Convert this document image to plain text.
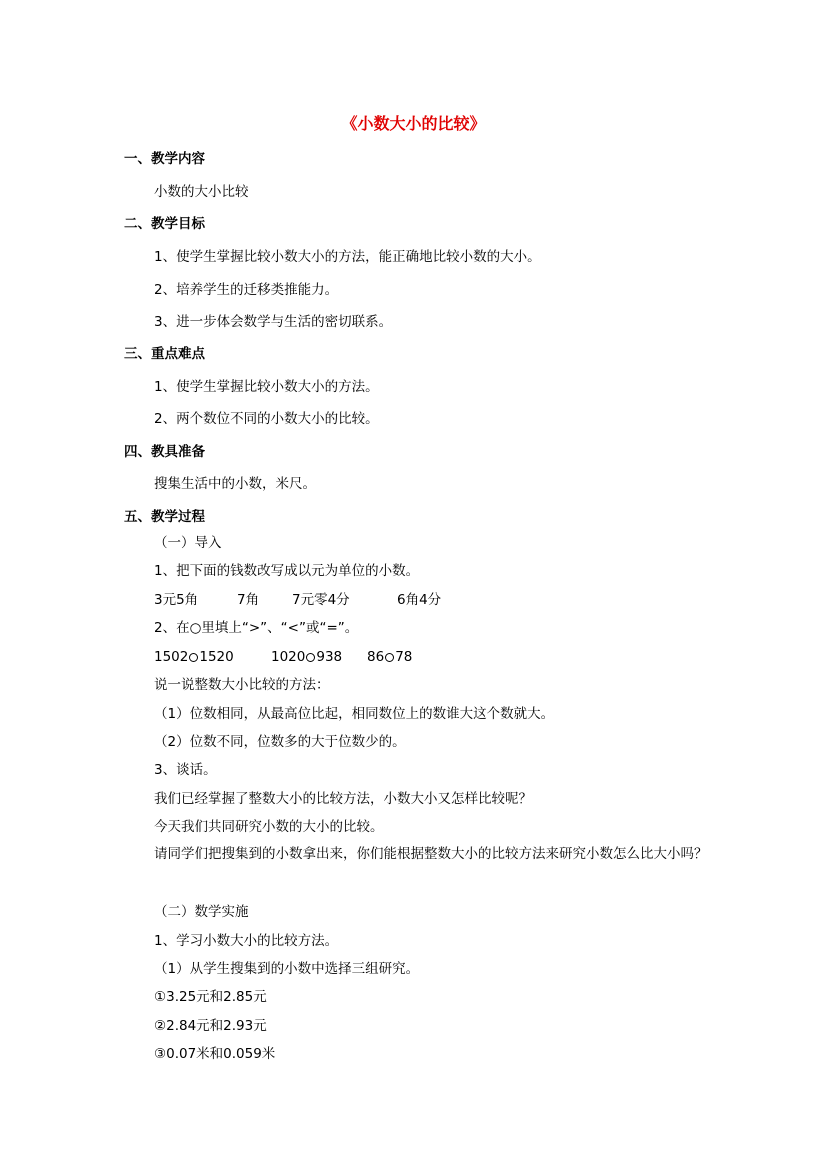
《小数大小的比较》
一、教学内容
小数的大小比较
二、教学目标
1、使学生掌握比较小数大小的方法，能正确地比较小数的大小。
2、培养学生的迁移类推能力。
3、进一步体会数学与生活的密切联系。
三、重点难点
1、使学生掌握比较小数大小的方法。
2、两个数位不同的小数大小的比较。
四、教具准备
搜集生活中的小数，米尺。
五、教学过程
（一）导入
1、把下面的钱数改写成以元为单位的小数。
3元5角	7角 7元零4分	6角4分
2、在○里填上“>”、“<”或“=”。
1502 1520	1020 938 86 78
说一说整数大小比较的方法：
（1）位数相同，从最高位比起，相同数位上的数谁大这个数就大。
（2）位数不同，位数多的大于位数少的。
3、谈话。
我们已经掌握了整数大小的比较方法，小数大小又怎样比较呢？
今天我们共同研究小数的大小的比较。
请同学们把搜集到的小数拿出来，你们能根据整数大小的比较方法来研究小数怎么比大小吗？
（二）数学实施
1、学习小数大小的比较方法。
（1）从学生搜集到的小数中选择三组研究。
①3.25元和2.85元
②2.84元和2.93元
③0.07米和0.059米
